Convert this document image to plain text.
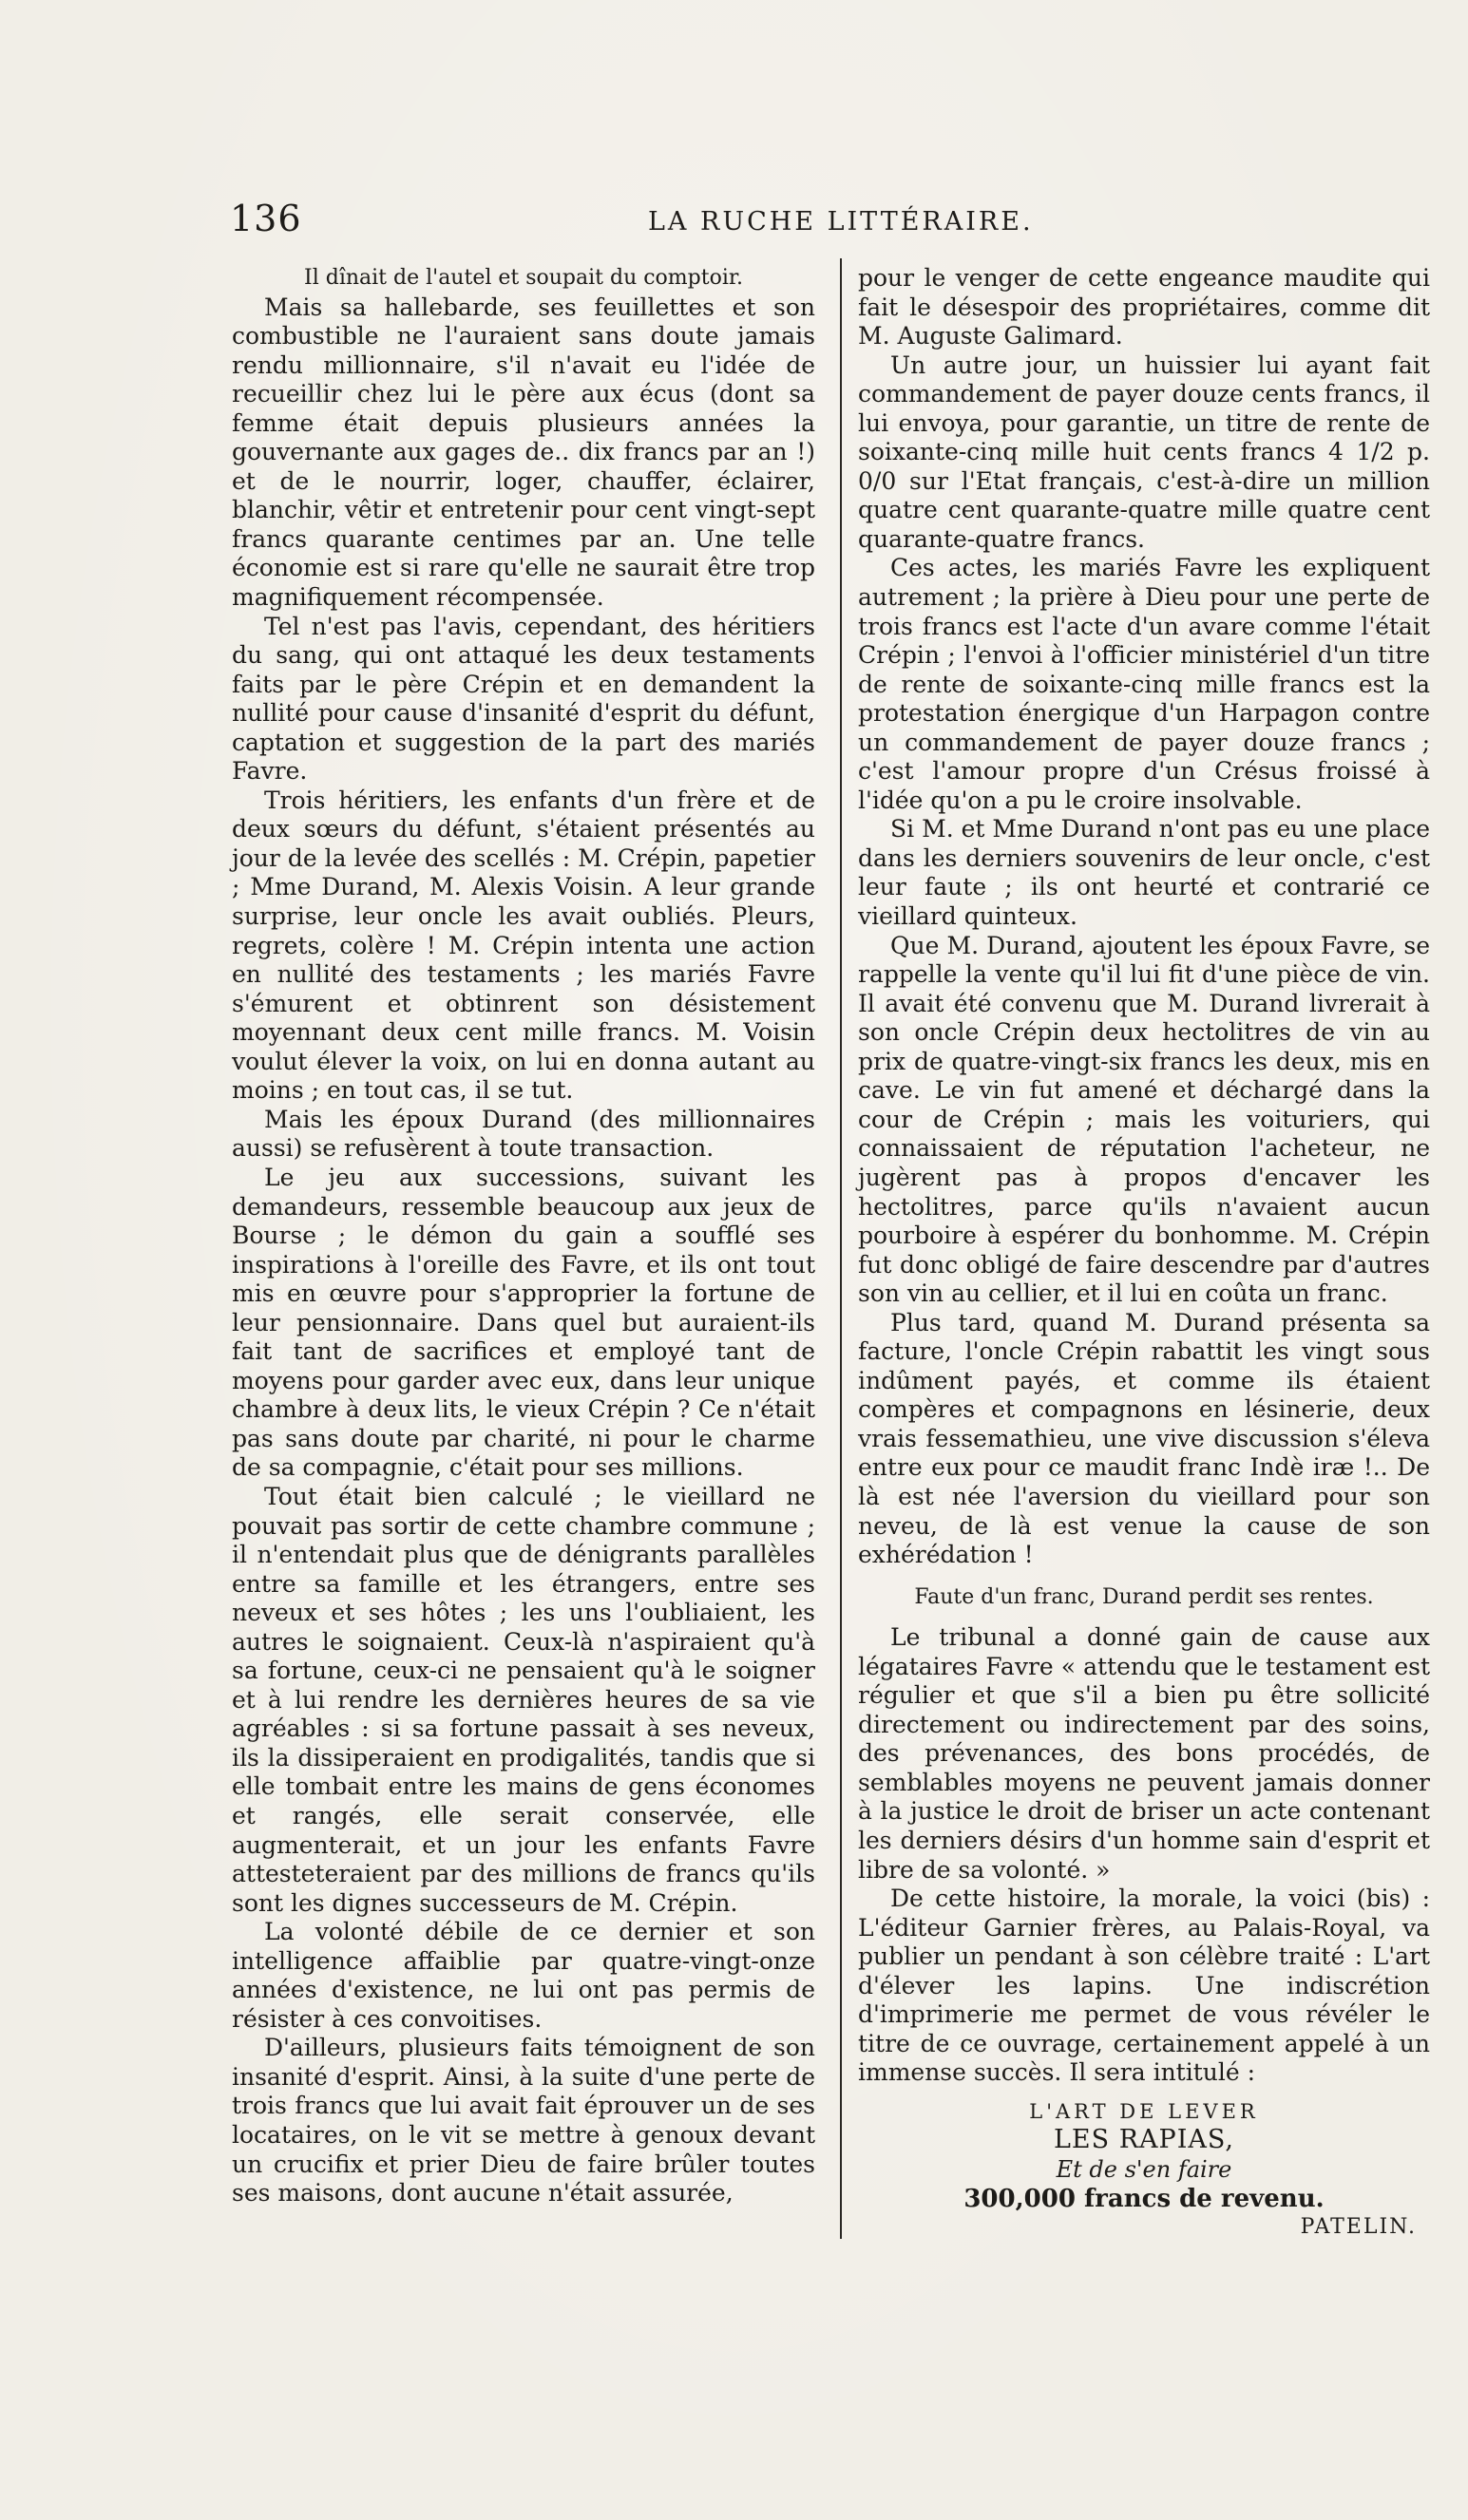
136	LA RUCHE LITTÉRAIRE.

Il dînait de l'autel et soupait du comptoir.

Mais sa hallebarde, ses feuillettes et son combustible ne l'auraient sans doute jamais rendu millionnaire, s'il n'avait eu l'idée de recueillir chez lui le père aux écus (dont sa femme était depuis plusieurs années la gouvernante aux gages de.. dix francs par an !) et de le nourrir, loger, chauffer, éclairer, blanchir, vêtir et entretenir pour cent vingt-sept francs quarante centimes par an. Une telle économie est si rare qu'elle ne saurait être trop magnifiquement récompensée.

Tel n'est pas l'avis, cependant, des héritiers du sang, qui ont attaqué les deux testaments faits par le père Crépin et en demandent la nullité pour cause d'insanité d'esprit du défunt, captation et suggestion de la part des mariés Favre.

Trois héritiers, les enfants d'un frère et de deux sœurs du défunt, s'étaient présentés au jour de la levée des scellés : M. Crépin, papetier ; Mme Durand, M. Alexis Voisin. A leur grande surprise, leur oncle les avait oubliés. Pleurs, regrets, colère ! M. Crépin intenta une action en nullité des testaments ; les mariés Favre s'émurent et obtinrent son désistement moyennant deux cent mille francs. M. Voisin voulut élever la voix, on lui en donna autant au moins ; en tout cas, il se tut.

Mais les époux Durand (des millionnaires aussi) se refusèrent à toute transaction.

Le jeu aux successions, suivant les demandeurs, ressemble beaucoup aux jeux de Bourse ; le démon du gain a soufflé ses inspirations à l'oreille des Favre, et ils ont tout mis en œuvre pour s'approprier la fortune de leur pensionnaire. Dans quel but auraient-ils fait tant de sacrifices et employé tant de moyens pour garder avec eux, dans leur unique chambre à deux lits, le vieux Crépin ? Ce n'était pas sans doute par charité, ni pour le charme de sa compagnie, c'était pour ses millions.

Tout était bien calculé ; le vieillard ne pouvait pas sortir de cette chambre commune ; il n'entendait plus que de dénigrants parallèles entre sa famille et les étrangers, entre ses neveux et ses hôtes ; les uns l'oubliaient, les autres le soignaient. Ceux-là n'aspiraient qu'à sa fortune, ceux-ci ne pensaient qu'à le soigner et à lui rendre les dernières heures de sa vie agréables : si sa fortune passait à ses neveux, ils la dissiperaient en prodigalités, tandis que si elle tombait entre les mains de gens économes et rangés, elle serait conservée, elle augmenterait, et un jour les enfants Favre attesteteraient par des millions de francs qu'ils sont les dignes successeurs de M. Crépin.

La volonté débile de ce dernier et son intelligence affaiblie par quatre-vingt-onze années d'existence, ne lui ont pas permis de résister à ces convoitises.

D'ailleurs, plusieurs faits témoignent de son insanité d'esprit. Ainsi, à la suite d'une perte de trois francs que lui avait fait éprouver un de ses locataires, on le vit se mettre à genoux devant un crucifix et prier Dieu de faire brûler toutes ses maisons, dont aucune n'était assurée,

pour le venger de cette engeance maudite qui fait le désespoir des propriétaires, comme dit M. Auguste Galimard.

Un autre jour, un huissier lui ayant fait commandement de payer douze cents francs, il lui envoya, pour garantie, un titre de rente de soixante-cinq mille huit cents francs 4 1/2 p. 0/0 sur l'Etat français, c'est-à-dire un million quatre cent quarante-quatre mille quatre cent quarante-quatre francs.

Ces actes, les mariés Favre les expliquent autrement ; la prière à Dieu pour une perte de trois francs est l'acte d'un avare comme l'était Crépin ; l'envoi à l'officier ministériel d'un titre de rente de soixante-cinq mille francs est la protestation énergique d'un Harpagon contre un commandement de payer douze francs ; c'est l'amour propre d'un Crésus froissé à l'idée qu'on a pu le croire insolvable.

Si M. et Mme Durand n'ont pas eu une place dans les derniers souvenirs de leur oncle, c'est leur faute ; ils ont heurté et contrarié ce vieillard quinteux.

Que M. Durand, ajoutent les époux Favre, se rappelle la vente qu'il lui fit d'une pièce de vin. Il avait été convenu que M. Durand livrerait à son oncle Crépin deux hectolitres de vin au prix de quatre-vingt-six francs les deux, mis en cave. Le vin fut amené et déchargé dans la cour de Crépin ; mais les voituriers, qui connaissaient de réputation l'acheteur, ne jugèrent pas à propos d'encaver les hectolitres, parce qu'ils n'avaient aucun pourboire à espérer du bonhomme. M. Crépin fut donc obligé de faire descendre par d'autres son vin au cellier, et il lui en coûta un franc.

Plus tard, quand M. Durand présenta sa facture, l'oncle Crépin rabattit les vingt sous indûment payés, et comme ils étaient compères et compagnons en lésinerie, deux vrais fessemathieu, une vive discussion s'éleva entre eux pour ce maudit franc Indè iræ !.. De là est née l'aversion du vieillard pour son neveu, de là est venue la cause de son exhérédation !

Faute d'un franc, Durand perdit ses rentes.

Le tribunal a donné gain de cause aux légataires Favre « attendu que le testament est régulier et que s'il a bien pu être sollicité directement ou indirectement par des soins, des prévenances, des bons procédés, de semblables moyens ne peuvent jamais donner à la justice le droit de briser un acte contenant les derniers désirs d'un homme sain d'esprit et libre de sa volonté. »

De cette histoire, la morale, la voici (bis) : L'éditeur Garnier frères, au Palais-Royal, va publier un pendant à son célèbre traité : L'art d'élever les lapins. Une indiscrétion d'imprimerie me permet de vous révéler le titre de ce ouvrage, certainement appelé à un immense succès. Il sera intitulé :

L'ART DE LEVER

LES RAPIAS,

Et de s'en faire

300,000 francs de revenu.

PATELIN.
